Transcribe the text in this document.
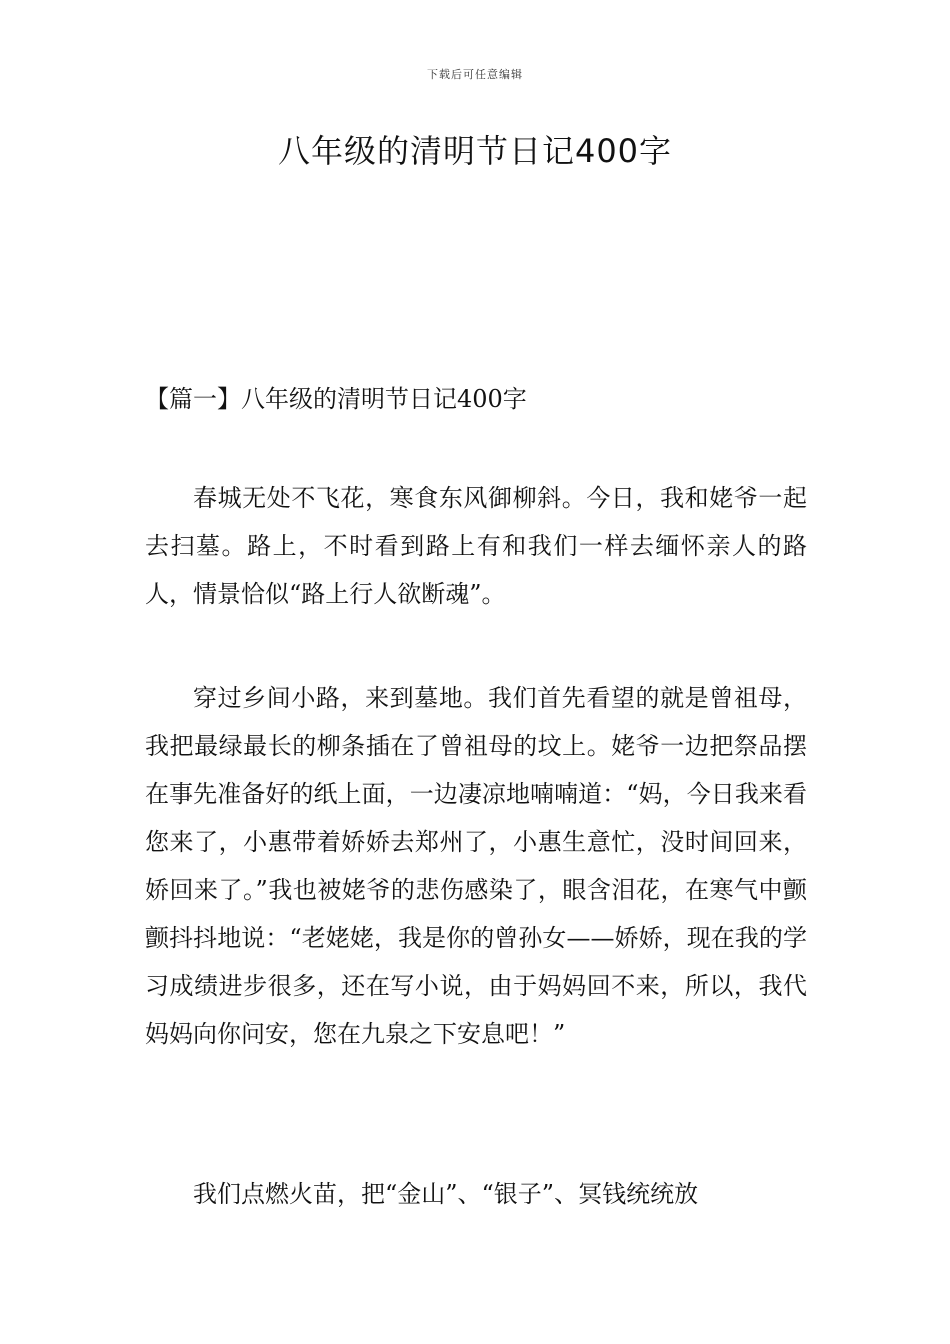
下载后可任意编辑
八年级的清明节日记400字
【篇一】八年级的清明节日记400字

春城无处不飞花，寒食东风御柳斜。今日，我和姥爷一起去扫墓。路上，不时看到路上有和我们一样去缅怀亲人的路人，情景恰似“路上行人欲断魂”。

穿过乡间小路，来到墓地。我们首先看望的就是曾祖母，我把最绿最长的柳条插在了曾祖母的坟上。姥爷一边把祭品摆在事先准备好的纸上面，一边凄凉地喃喃道：“妈，今日我来看您来了，小惠带着娇娇去郑州了，小惠生意忙，没时间回来，娇回来了。”我也被姥爷的悲伤感染了，眼含泪花，在寒气中颤颤抖抖地说：“老姥姥，我是你的曾孙女——娇娇，现在我的学习成绩进步很多，还在写小说，由于妈妈回不来，所以，我代妈妈向你问安，您在九泉之下安息吧！”

我们点燃火苗，把“金山”、“银子”、冥钱统统放
